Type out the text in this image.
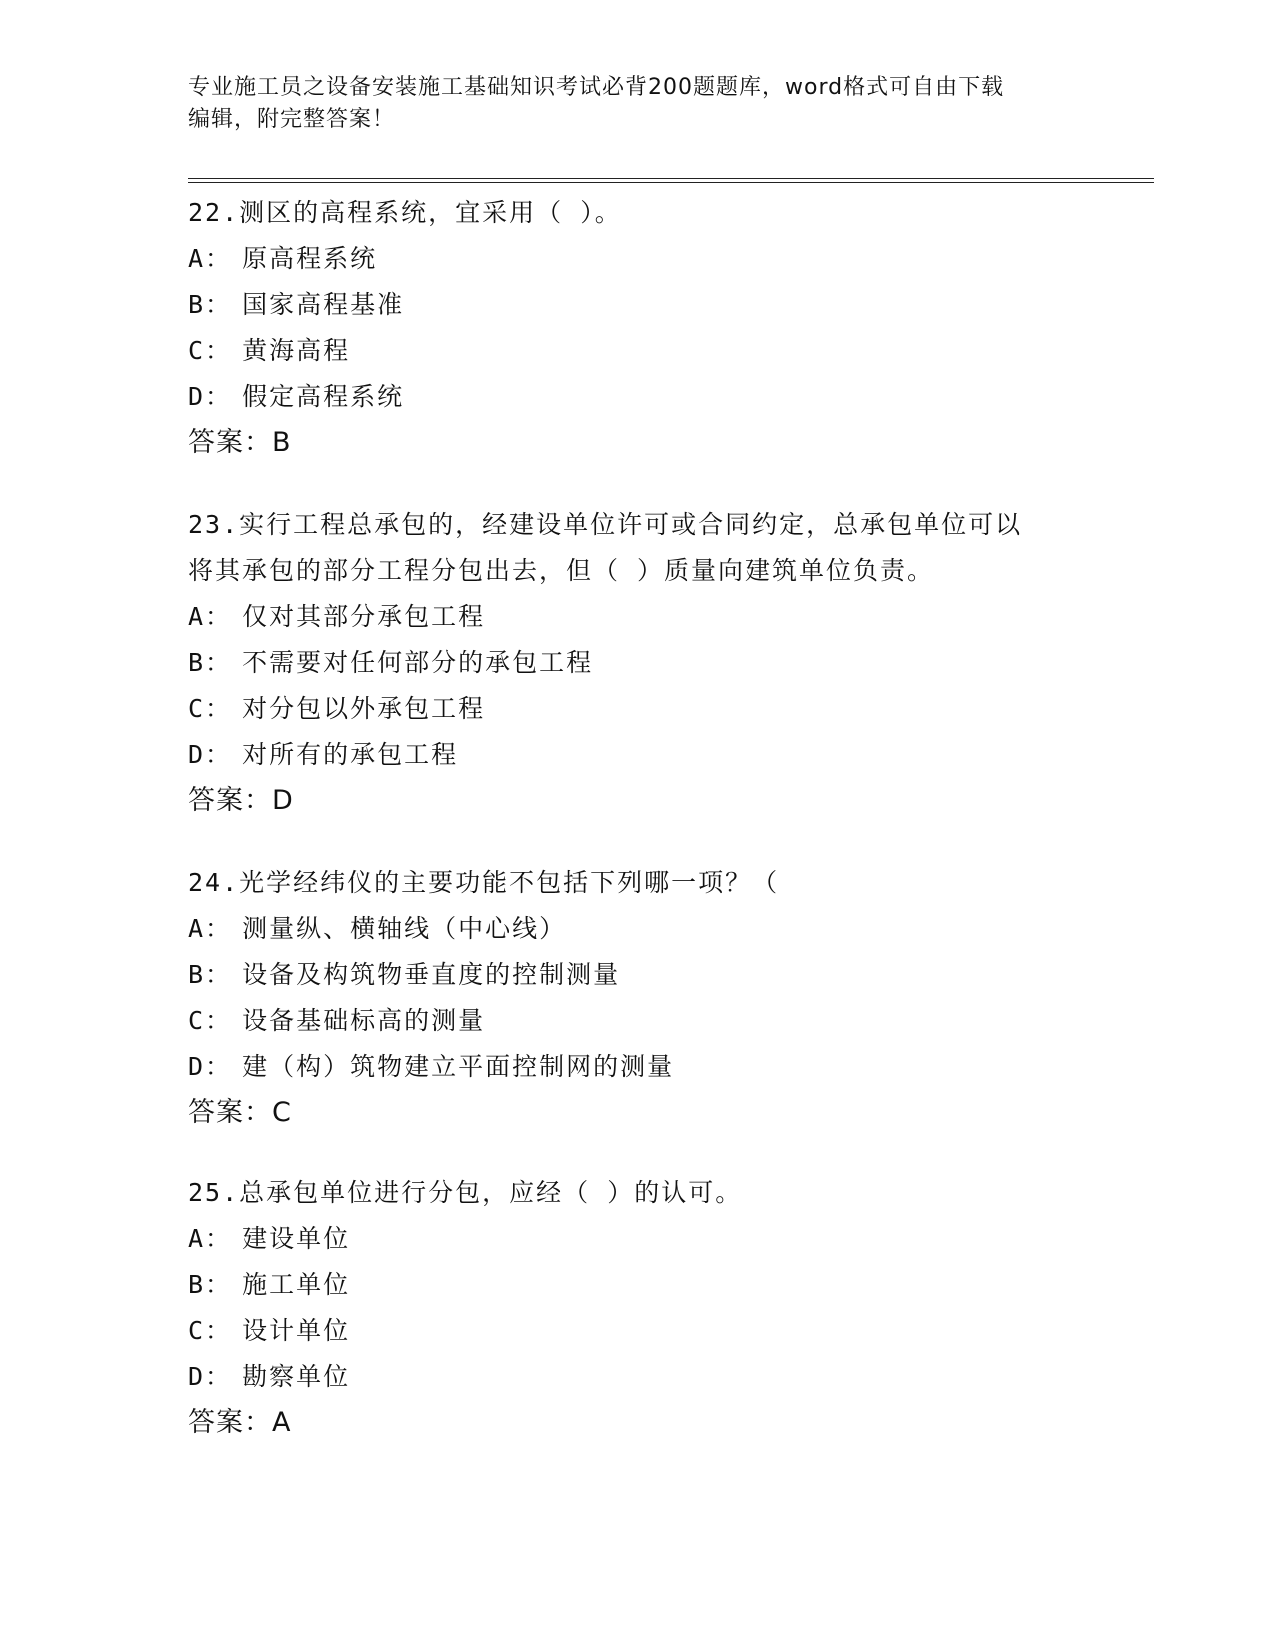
专业施工员之设备安装施工基础知识考试必背200题题库，word格式可自由下载
编辑，附完整答案！
22.测区的高程系统，宜采用（ ）。
A： 原高程系统
B： 国家高程基准
C： 黄海高程
D： 假定高程系统
答案：B
23.实行工程总承包的，经建设单位许可或合同约定，总承包单位可以
将其承包的部分工程分包出去，但（ ）质量向建筑单位负责。
A： 仅对其部分承包工程
B： 不需要对任何部分的承包工程
C： 对分包以外承包工程
D： 对所有的承包工程
答案：D
24.光学经纬仪的主要功能不包括下列哪一项？（
A： 测量纵、横轴线（中心线）
B： 设备及构筑物垂直度的控制测量
C： 设备基础标高的测量
D： 建（构）筑物建立平面控制网的测量
答案：C
25.总承包单位进行分包，应经（ ）的认可。
A： 建设单位
B： 施工单位
C： 设计单位
D： 勘察单位
答案：A
